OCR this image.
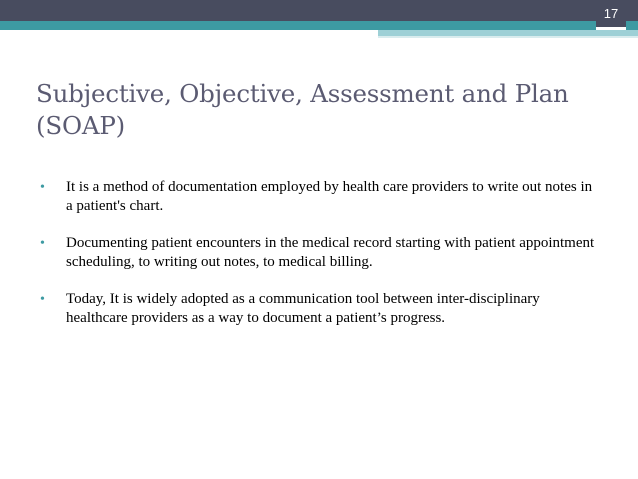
17
Subjective, Objective, Assessment and Plan (SOAP)
•	It is a method of documentation employed by health care providers to write out notes in a patient's chart.
•	Documenting patient encounters in the medical record starting with patient appointment scheduling, to writing out notes, to medical billing.
•	Today, It is widely adopted as a communication tool between inter-disciplinary healthcare providers as a way to document a patient’s progress.
